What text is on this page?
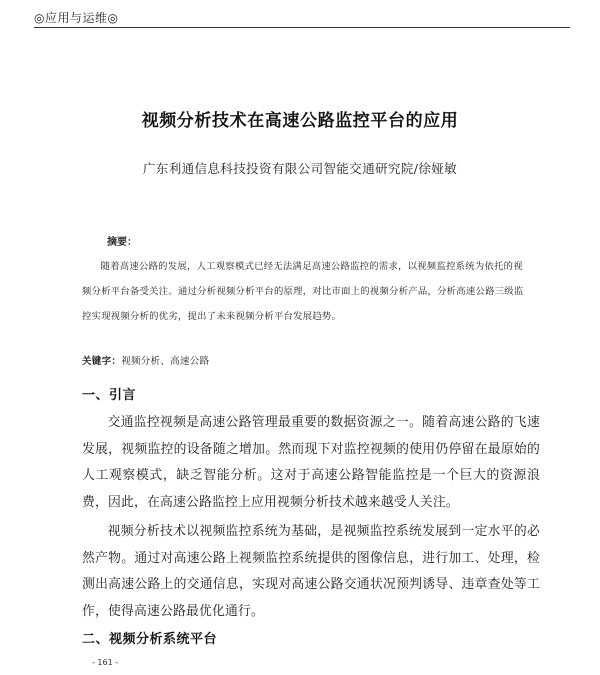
◎应用与运维◎
视频分析技术在高速公路监控平台的应用
广东利通信息科技投资有限公司智能交通研究院/徐娅敏
摘要：
随着高速公路的发展，人工观察模式已经无法满足高速公路监控的需求，以视频监控系统为依托的视频分析平台备受关注。通过分析视频分析平台的原理，对比市面上的视频分析产品，分析高速公路三级监控实现视频分析的优劣，提出了未来视频分析平台发展趋势。
关键字：视频分析、高速公路
一、引言
交通监控视频是高速公路管理最重要的数据资源之一。随着高速公路的飞速发展，视频监控的设备随之增加。然而现下对监控视频的使用仍停留在最原始的人工观察模式，缺乏智能分析。这对于高速公路智能监控是一个巨大的资源浪费，因此，在高速公路监控上应用视频分析技术越来越受人关注。
视频分析技术以视频监控系统为基础，是视频监控系统发展到一定水平的必然产物。通过对高速公路上视频监控系统提供的图像信息，进行加工、处理，检测出高速公路上的交通信息，实现对高速公路交通状况预判诱导、违章查处等工作，使得高速公路最优化通行。
二、视频分析系统平台
- 161 -
